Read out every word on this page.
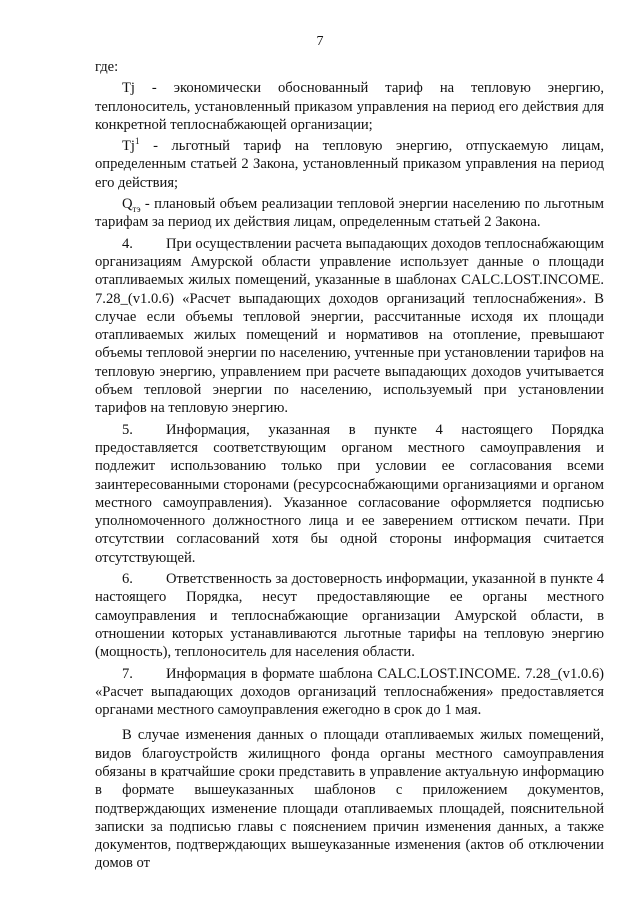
7

где:

Tj - экономически обоснованный тариф на тепловую энергию, теплоноситель, установленный приказом управления на период его действия для конкретной теплоснабжающей организации;

Tj$^1$ - льготный тариф на тепловую энергию, отпускаемую лицам, определенным статьей 2 Закона, установленный приказом управления на период его действия;

$Q_{тэ}$ - плановый объем реализации тепловой энергии населению по льготным тарифам за период их действия лицам, определенным статьей 2 Закона.

4. При осуществлении расчета выпадающих доходов теплоснабжающим организациям Амурской области управление использует данные о площади отапливаемых жилых помещений, указанные в шаблонах CALC.LOST.INCOME. 7.28_(v1.0.6) «Расчет выпадающих доходов организаций теплоснабжения». В случае если объемы тепловой энергии, рассчитанные исходя их площади отапливаемых жилых помещений и нормативов на отопление, превышают объемы тепловой энергии по населению, учтенные при установлении тарифов на тепловую энергию, управлением при расчете выпадающих доходов учитывается объем тепловой энергии по населению, используемый при установлении тарифов на тепловую энергию.

5. Информация, указанная в пункте 4 настоящего Порядка предоставляется соответствующим органом местного самоуправления и подлежит использованию только при условии ее согласования всеми заинтересованными сторонами (ресурсоснабжающими организациями и органом местного самоуправления). Указанное согласование оформляется подписью уполномоченного должностного лица и ее заверением оттиском печати. При отсутствии согласований хотя бы одной стороны информация считается отсутствующей.

6. Ответственность за достоверность информации, указанной в пункте 4 настоящего Порядка, несут предоставляющие ее органы местного самоуправления и теплоснабжающие организации Амурской области, в отношении которых устанавливаются льготные тарифы на тепловую энергию (мощность), теплоноситель для населения области.

7. Информация в формате шаблона CALC.LOST.INCOME. 7.28_(v1.0.6) «Расчет выпадающих доходов организаций теплоснабжения» предоставляется органами местного самоуправления ежегодно в срок до 1 мая.

В случае изменения данных о площади отапливаемых жилых помещений, видов благоустройств жилищного фонда органы местного самоуправления обязаны в кратчайшие сроки представить в управление актуальную информацию в формате вышеуказанных шаблонов с приложением документов, подтверждающих изменение площади отапливаемых площадей, пояснительной записки за подписью главы с пояснением причин изменения данных, а также документов, подтверждающих вышеуказанные изменения (актов об отключении домов от
